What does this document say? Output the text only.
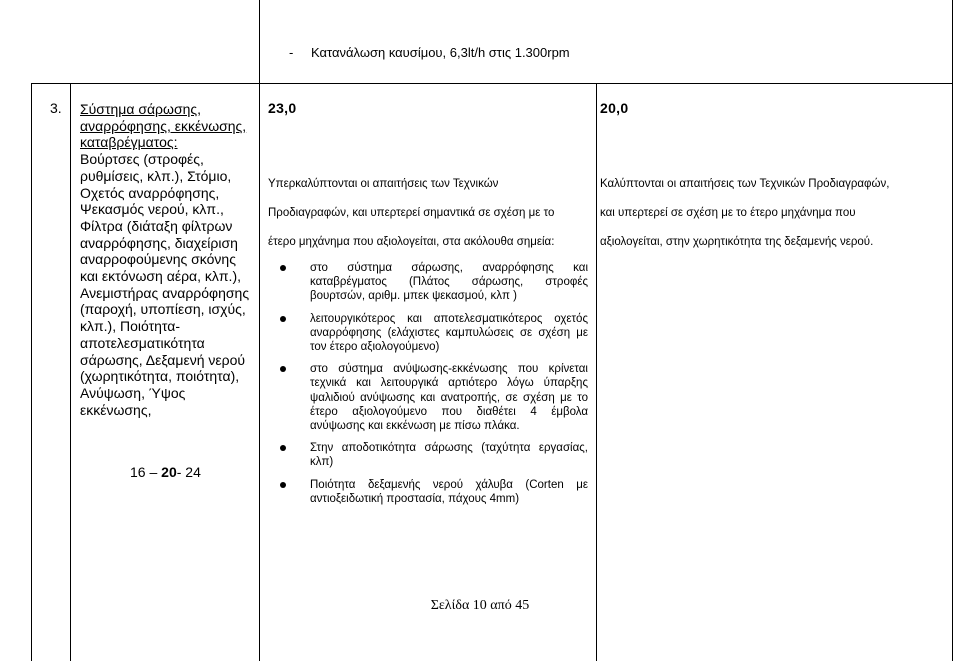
- Κατανάλωση καυσίμου, 6,3lt/h στις 1.300rpm
3. Σύστημα σάρωσης, αναρρόφησης, εκκένωσης, καταβρέγματος:
Βούρτσες (στροφές, ρυθμίσεις, κλπ.), Στόμιο, Οχετός αναρρόφησης, Ψεκασμός νερού, κλπ., Φίλτρα (διάταξη φίλτρων αναρρόφησης, διαχείριση αναρροφούμενης σκόνης και εκτόνωση αέρα, κλπ.), Ανεμιστήρας αναρρόφησης (παροχή, υποπίεση, ισχύς, κλπ.), Ποιότητα-αποτελεσματικότητα σάρωσης, Δεξαμενή νερού (χωρητικότητα, ποιότητα), Ανύψωση, Ύψος εκκένωσης,
16 – 20- 24
23,0
Υπερκαλύπτονται οι απαιτήσεις των Τεχνικών
Προδιαγραφών, και υπερτερεί σημαντικά σε σχέση με το
έτερο μηχάνημα που αξιολογείται, στα ακόλουθα σημεία:
στο σύστημα σάρωσης, αναρρόφησης και καταβρέγματος (Πλάτος σάρωσης, στροφές βουρτσών, αριθμ. μπεκ ψεκασμού, κλπ )
λειτουργικότερος και αποτελεσματικότερος οχετός αναρρόφησης (ελάχιστες καμπυλώσεις σε σχέση με τον έτερο αξιολογούμενο)
στο σύστημα ανύψωσης-εκκένωσης που κρίνεται τεχνικά και λειτουργικά αρτιότερο λόγω ύπαρξης ψαλιδιού ανύψωσης και ανατροπής, σε σχέση με το έτερο αξιολογούμενο που διαθέτει 4 έμβολα ανύψωσης και εκκένωση με πίσω πλάκα.
Στην αποδοτικότητα σάρωσης (ταχύτητα εργασίας, κλπ)
Ποιότητα δεξαμενής νερού χάλυβα (Corten με αντιοξειδωτική προστασία, πάχους 4mm)
20,0
Καλύπτονται οι απαιτήσεις των Τεχνικών Προδιαγραφών,
και υπερτερεί σε σχέση με το έτερο μηχάνημα που
αξιολογείται, στην χωρητικότητα της δεξαμενής νερού.
Σελίδα 10 από 45
